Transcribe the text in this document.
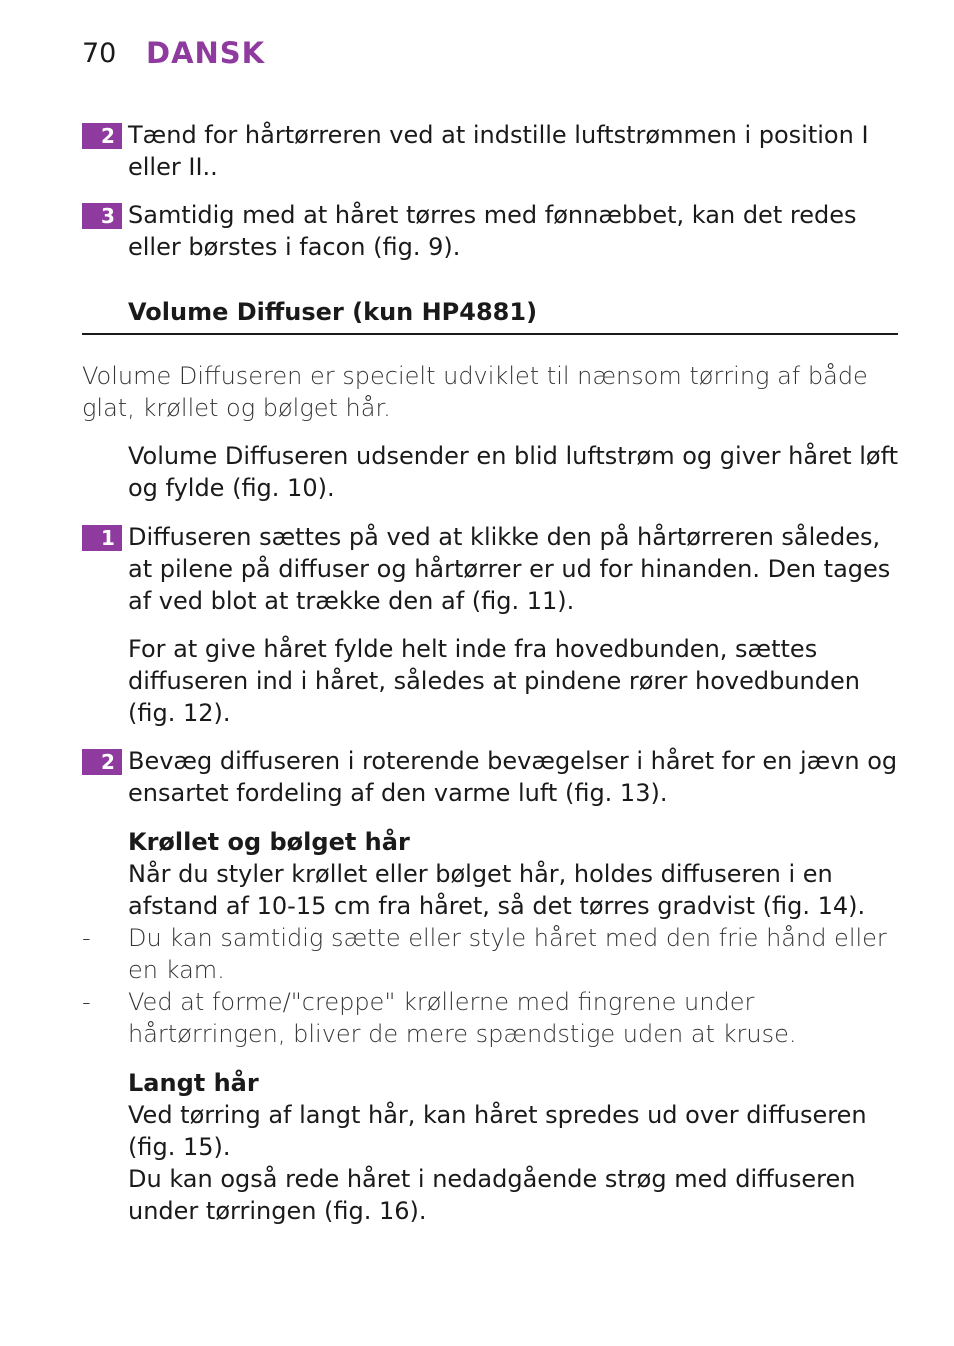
70 DANSK
2 Tænd for hårtørreren ved at indstille luftstrømmen i position I eller II..
3 Samtidig med at håret tørres med fønnæbbet, kan det redes eller børstes i facon (fig. 9).
Volume Diffuser (kun HP4881)
Volume Diffuseren er specielt udviklet til nænsom tørring af både glat, krøllet og bølget hår.
Volume Diffuseren udsender en blid luftstrøm og giver håret løft og fylde (fig. 10).
1 Diffuseren sættes på ved at klikke den på hårtørreren således, at pilene på diffuser og hårtørrer er ud for hinanden. Den tages af ved blot at trække den af (fig. 11).
For at give håret fylde helt inde fra hovedbunden, sættes diffuseren ind i håret, således at pindene rører hovedbunden (fig. 12).
2 Bevæg diffuseren i roterende bevægelser i håret for en jævn og ensartet fordeling af den varme luft (fig. 13).
Krøllet og bølget hår
Når du styler krøllet eller bølget hår, holdes diffuseren i en afstand af 10-15 cm fra håret, så det tørres gradvist (fig. 14).
- Du kan samtidig sætte eller style håret med den frie hånd eller en kam.
- Ved at forme/"creppe" krøllerne med fingrene under hårtørringen, bliver de mere spændstige uden at kruse.
Langt hår
Ved tørring af langt hår, kan håret spredes ud over diffuseren (fig. 15).
Du kan også rede håret i nedadgående strøg med diffuseren under tørringen (fig. 16).
